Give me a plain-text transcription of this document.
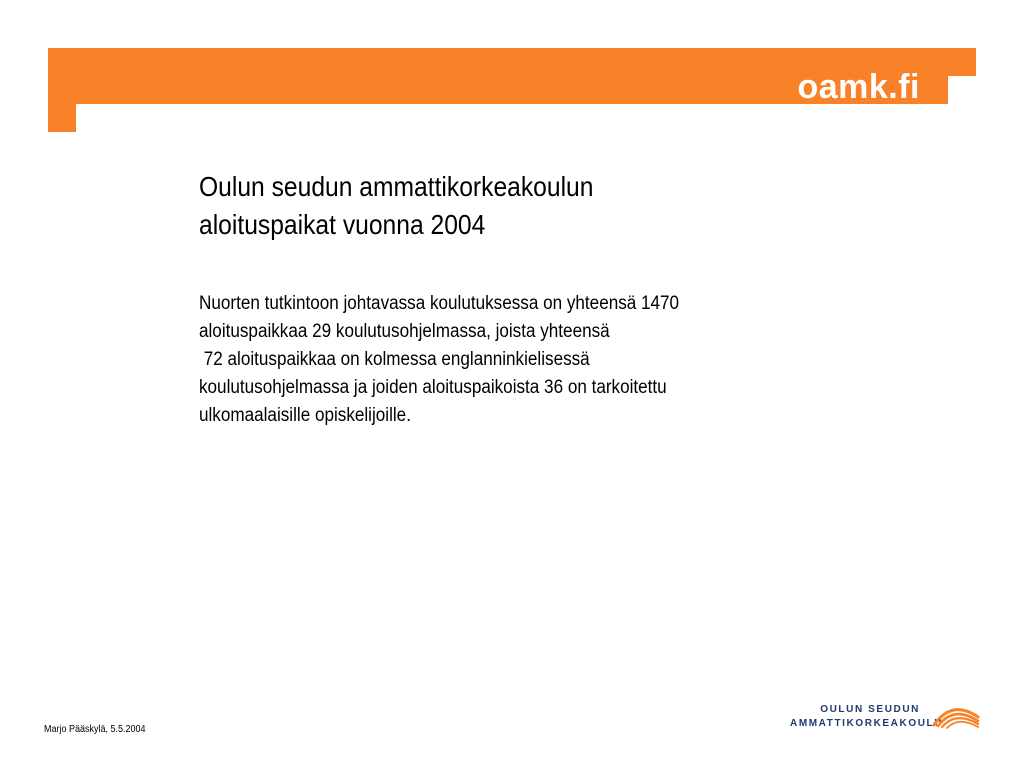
oamk.fi
Oulun seudun ammattikorkeakoulun
aloituspaikat vuonna 2004
Nuorten tutkintoon johtavassa koulutuksessa on yhteensä 1470
aloituspaikkaa 29 koulutusohjelmassa, joista yhteensä
72 aloituspaikkaa on kolmessa englanninkielisessä
koulutusohjelmassa ja joiden aloituspaikoista 36 on tarkoitettu
ulkomaalaisille opiskelijoille.
Marjo Pääskylä, 5.5.2004
OULUN SEUDUN
AMMATTIKORKEAKOULU
